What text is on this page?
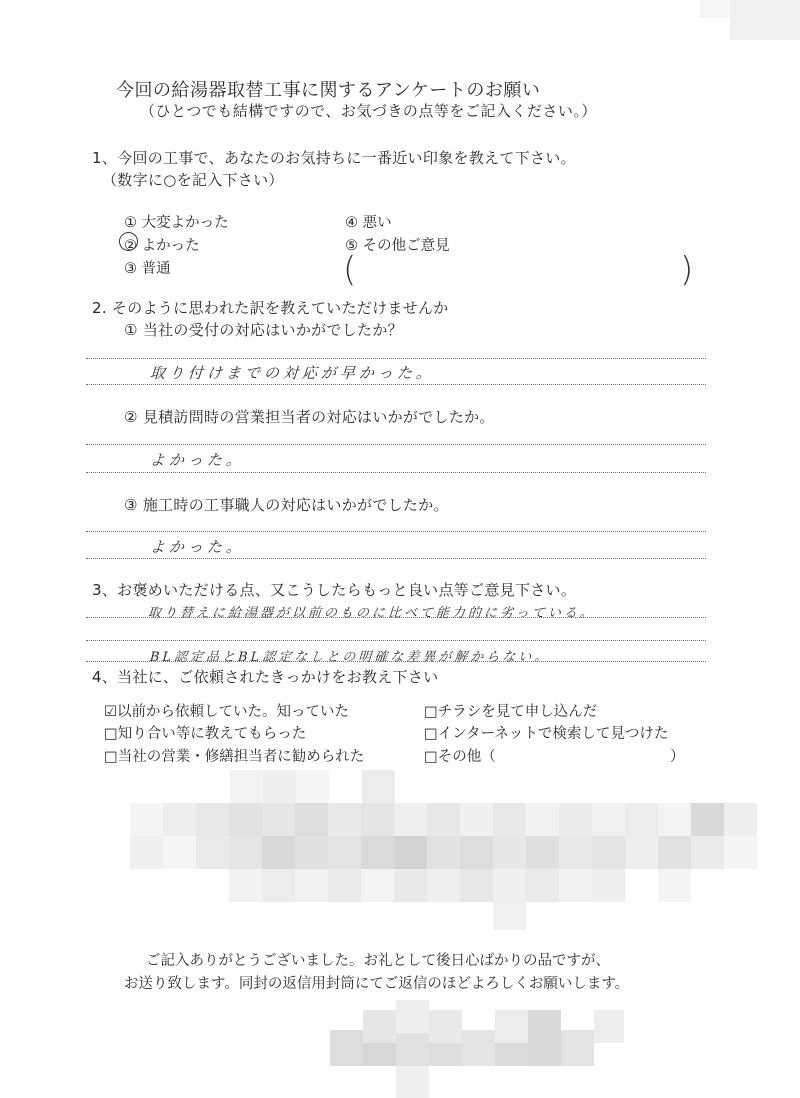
今回の給湯器取替工事に関するアンケートのお願い
（ひとつでも結構ですので、お気づきの点等をご記入ください。）
1、今回の工事で、あなたのお気持ちに一番近い印象を教えて下さい。
（数字に○を記入下さい）
① 大変よかった
② よかった
③ 普通
④ 悪い
⑤ その他ご意見
(	)
2. そのように思われた訳を教えていただけませんか
① 当社の受付の対応はいかがでしたか？
取り付けまでの対応が早かった。
② 見積訪問時の営業担当者の対応はいかがでしたか。
よかった。
③ 施工時の工事職人の対応はいかがでしたか。
よかった。
3、お褒めいただける点、又こうしたらもっと良い点等ご意見下さい。
取り替えに給湯器が以前のものに比べて能力的に劣っている。
BL認定品とBL認定なしとの明確な差異が解からない。
4、当社に、ご依頼されたきっかけをお教え下さい
☑以前から依頼していた。知っていた
□知り合い等に教えてもらった
□当社の営業・修繕担当者に勧められた
□チラシを見て申し込んだ
□インターネットで検索して見つけた
□その他（	）
ご記入ありがとうございました。お礼として後日心ばかりの品ですが、
お送り致します。同封の返信用封筒にてご返信のほどよろしくお願いします。
